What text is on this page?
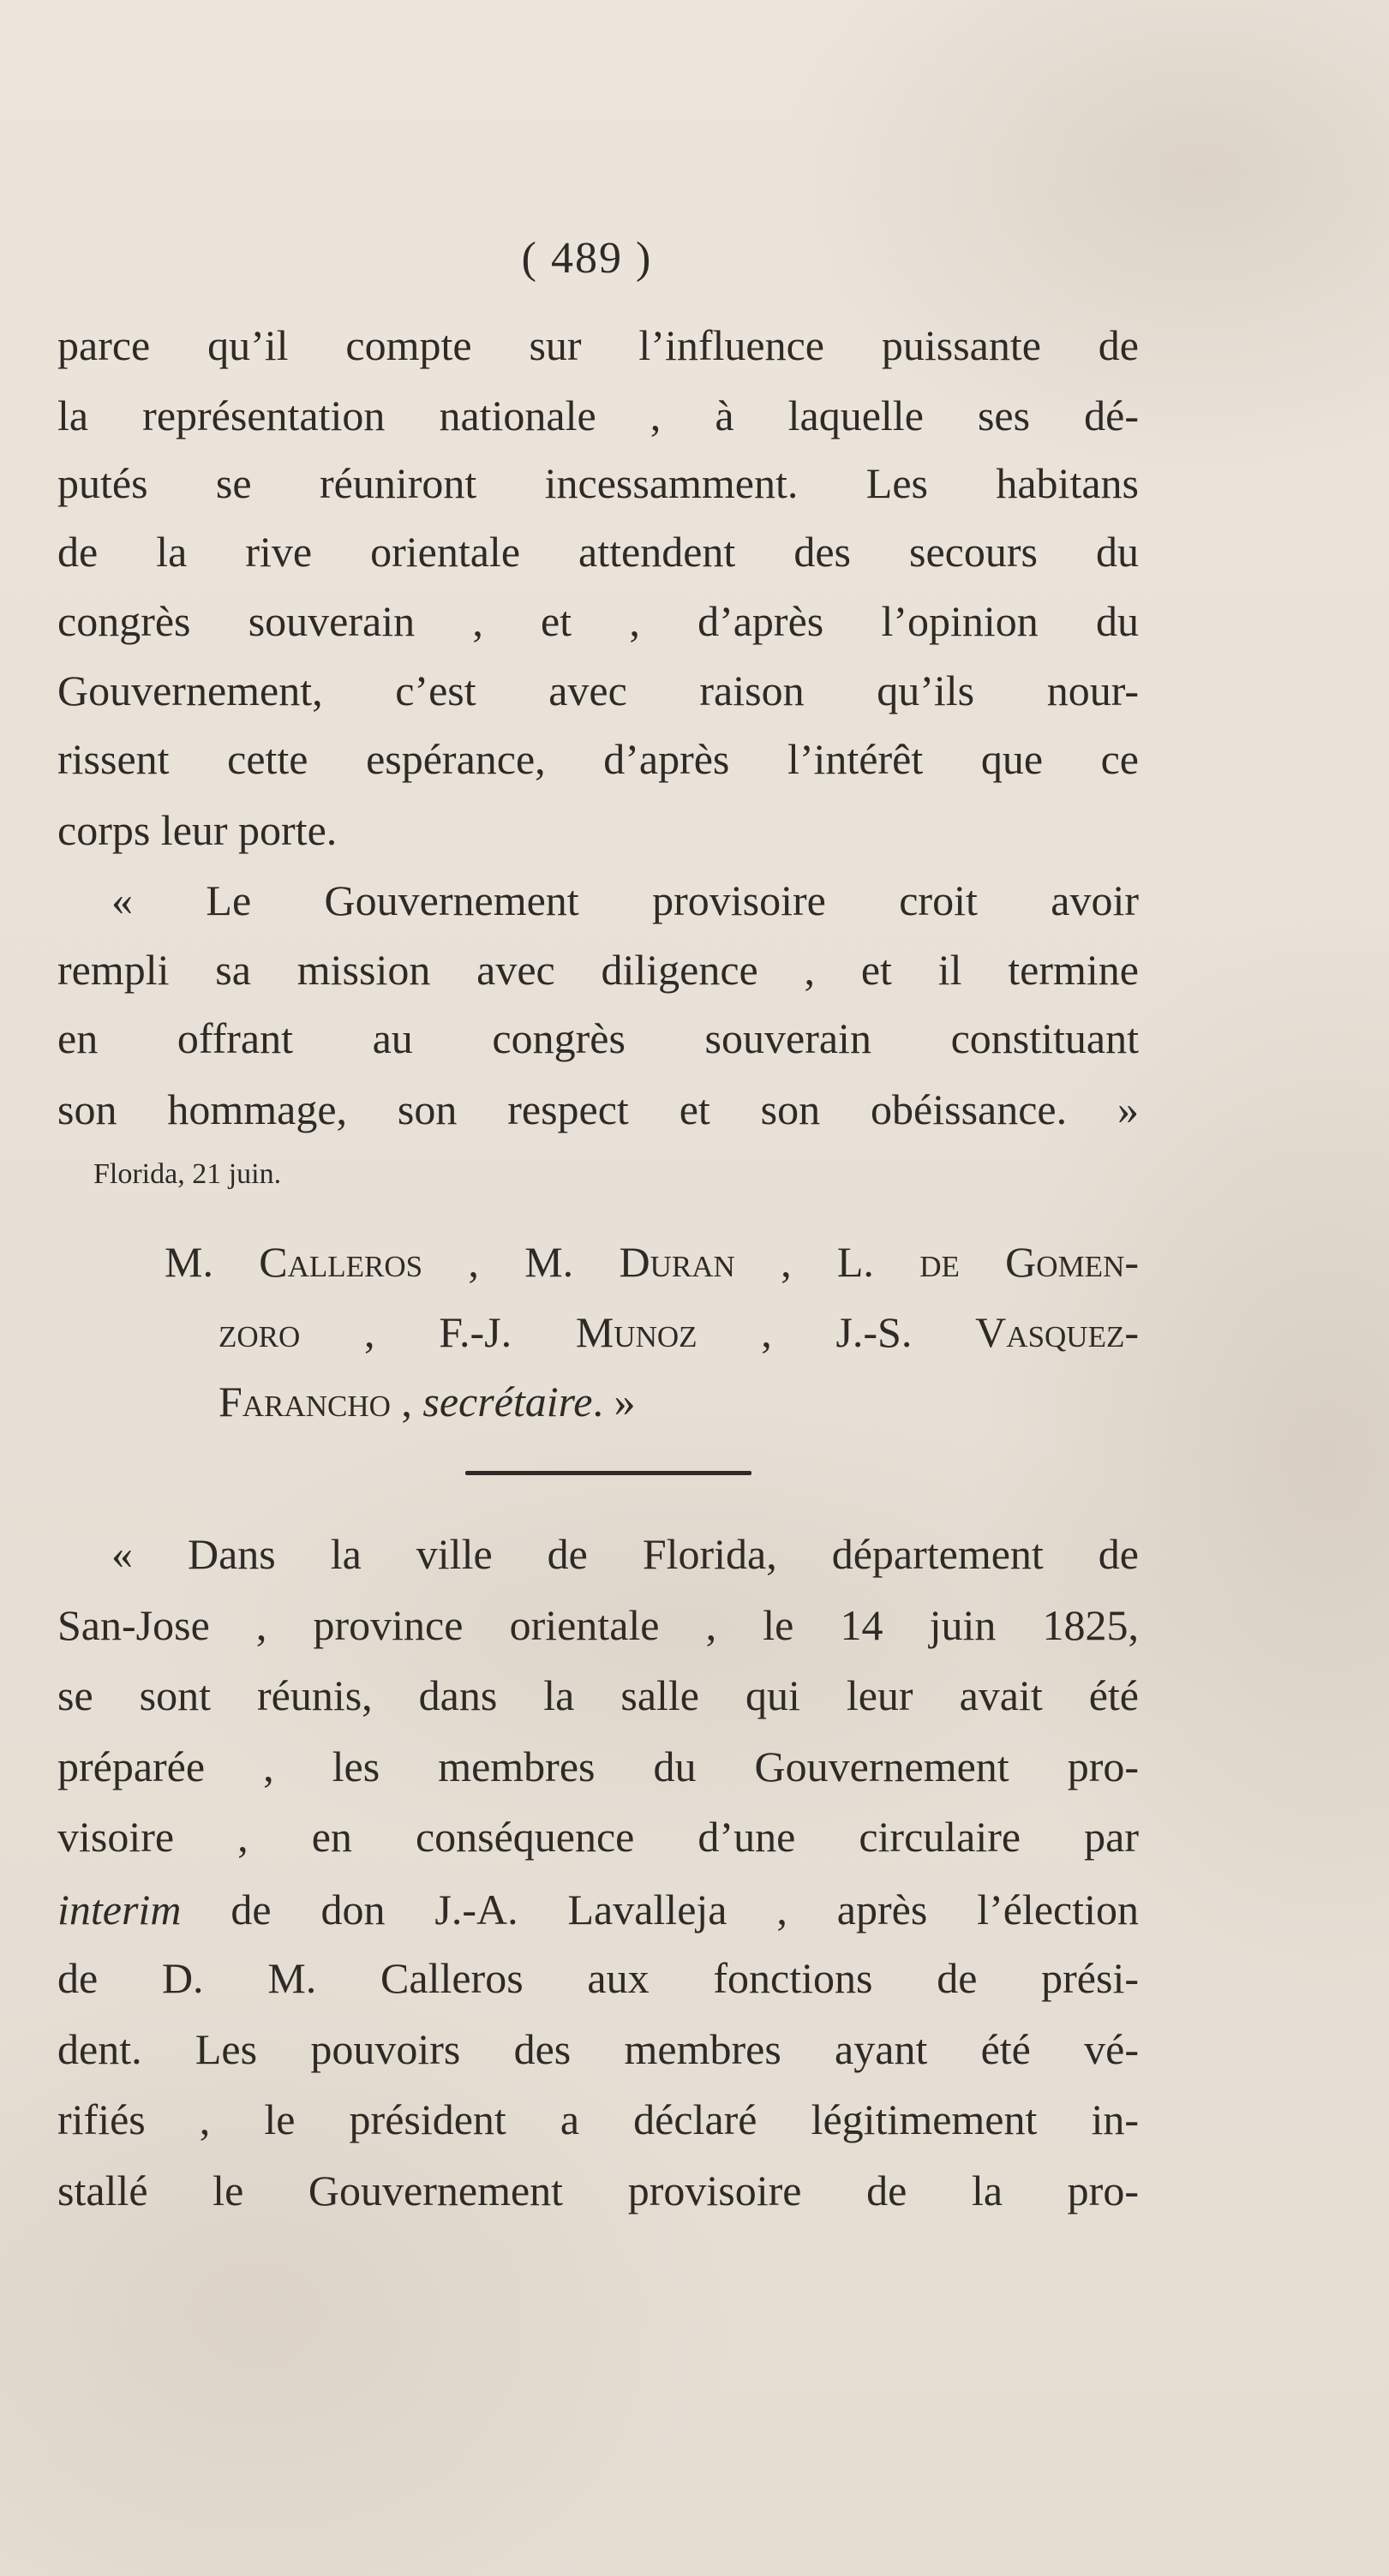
( 489 )
parce qu’il compte sur l’influence puissante de
la représentation nationale , à laquelle ses dé-
putés se réuniront incessamment. Les habitans
de la rive orientale attendent des secours du
congrès souverain , et , d’après l’opinion du
Gouvernement, c’est avec raison qu’ils nour-
rissent cette espérance, d’après l’intérêt que ce
corps leur porte.
« Le Gouvernement provisoire croit avoir
rempli sa mission avec diligence , et il termine
en offrant au congrès souverain constituant
son hommage, son respect et son obéissance. »
Florida, 21 juin.
M. Calleros , M. Duran , L. de Gomen-
zoro , F.-J. Munoz , J.-S. Vasquez-
Farancho , secrétaire. »
« Dans la ville de Florida, département de
San-Jose , province orientale , le 14 juin 1825,
se sont réunis, dans la salle qui leur avait été
préparée , les membres du Gouvernement pro-
visoire , en conséquence d’une circulaire par
interim de don J.-A. Lavalleja , après l’élection
de D. M. Calleros aux fonctions de prési-
dent. Les pouvoirs des membres ayant été vé-
rifiés , le président a déclaré légitimement in-
stallé le Gouvernement provisoire de la pro-
